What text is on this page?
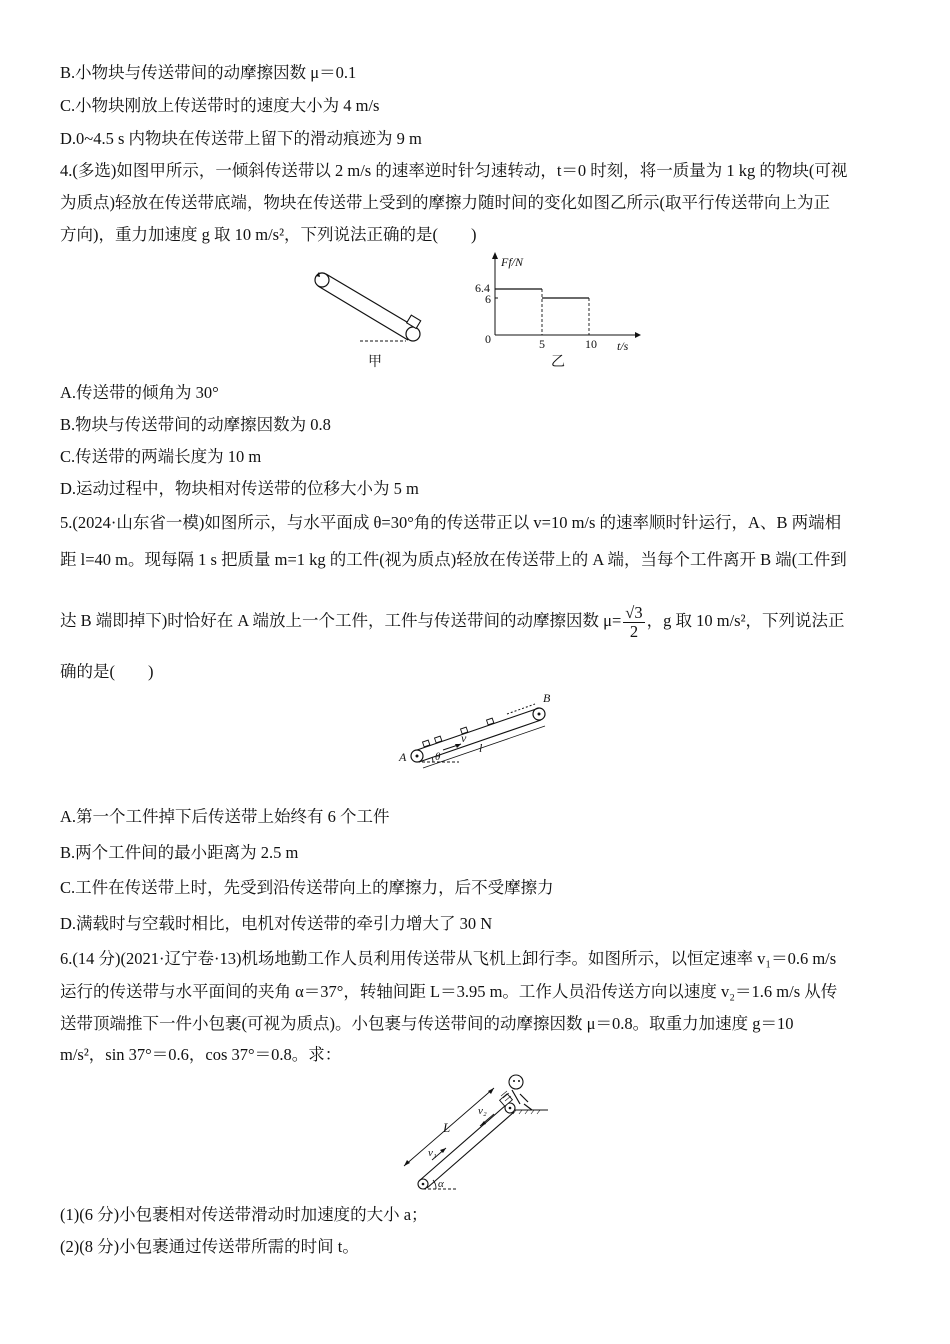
B.小物块与传送带间的动摩擦因数 μ＝0.1
C.小物块刚放上传送带时的速度大小为 4 m/s
D.0~4.5 s 内物块在传送带上留下的滑动痕迹为 9 m
4.(多选)如图甲所示，一倾斜传送带以 2 m/s 的速率逆时针匀速转动，t＝0 时刻，将一质量为 1 kg 的物块(可视
为质点)轻放在传送带底端，物块在传送带上受到的摩擦力随时间的变化如图乙所示(取平行传送带向上为正
方向)，重力加速度 g 取 10 m/s²，下列说法正确的是(　　)
甲
Ff/N
t/s
0
6.4
6
5	10
乙
A.传送带的倾角为 30°
B.物块与传送带间的动摩擦因数为 0.8
C.传送带的两端长度为 10 m
D.运动过程中，物块相对传送带的位移大小为 5 m
5.(2024·山东省一模)如图所示，与水平面成 θ=30°角的传送带正以 v=10 m/s 的速率顺时针运行，A、B 两端相
距 l=40 m。现每隔 1 s 把质量 m=1 kg 的工件(视为质点)轻放在传送带上的 A 端，当每个工件离开 B 端(工件到
达 B 端即掉下)时恰好在 A 端放上一个工件，工件与传送带间的动摩擦因数 $\mu= \frac{√3}{2}$ ，g 取 10 m/s²，下列说法正
确的是(　　)
A
B
v
θ
l
A.第一个工件掉下后传送带上始终有 6 个工件
B.两个工件间的最小距离为 2.5 m
C.工件在传送带上时，先受到沿传送带向上的摩擦力，后不受摩擦力
D.满载时与空载时相比，电机对传送带的牵引力增大了 30 N
6.(14 分)(2021·辽宁卷·13)机场地勤工作人员利用传送带从飞机上卸行李。如图所示，以恒定速率 v₁＝0.6 m/s
运行的传送带与水平面间的夹角 α＝37°，转轴间距 L＝3.95 m。工作人员沿传送方向以速度 v₂＝1.6 m/s 从传
送带顶端推下一件小包裹(可视为质点)。小包裹与传送带间的动摩擦因数 μ＝0.8。取重力加速度 g＝10
m/s²，sin 37°＝0.6，cos 37°＝0.8。求：
L
v₁
v₂
α
(1)(6 分)小包裹相对传送带滑动时加速度的大小 a；
(2)(8 分)小包裹通过传送带所需的时间 t。
